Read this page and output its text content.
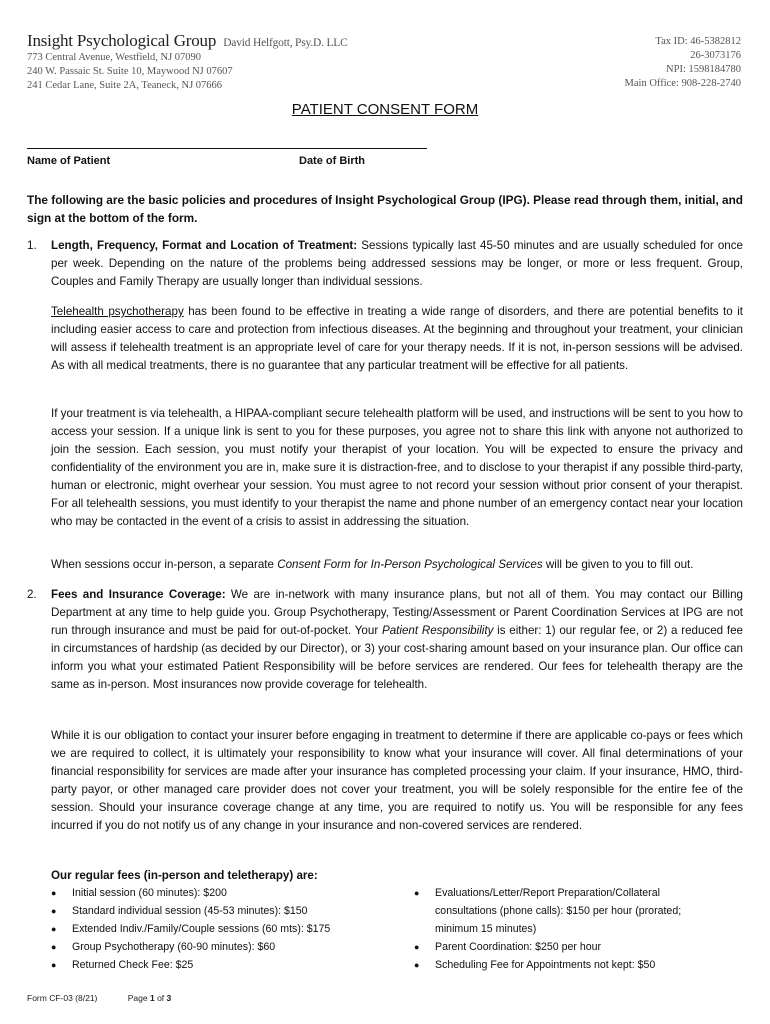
Insight Psychological Group David Helfgott, Psy.D. LLC
773 Central Avenue, Westfield, NJ 07090
240 W. Passaic St. Suite 10, Maywood NJ 07607
241 Cedar Lane, Suite 2A, Teaneck, NJ 07666
Tax ID: 46-5382812
26-3073176
NPI: 1598184780
Main Office: 908-228-2740
PATIENT CONSENT FORM
Name of Patient	Date of Birth

The following are the basic policies and procedures of Insight Psychological Group (IPG). Please read through them, initial, and sign at the bottom of the form.

1.	Length, Frequency, Format and Location of Treatment: Sessions typically last 45-50 minutes and are usually scheduled for once per week. Depending on the nature of the problems being addressed sessions may be longer, or more or less frequent. Group, Couples and Family Therapy are usually longer than individual sessions.

Telehealth psychotherapy has been found to be effective in treating a wide range of disorders, and there are potential benefits to it including easier access to care and protection from infectious diseases. At the beginning and throughout your treatment, your clinician will assess if telehealth treatment is an appropriate level of care for your therapy needs. If it is not, in-person sessions will be advised. As with all medical treatments, there is no guarantee that any particular treatment will be effective for all patients.

If your treatment is via telehealth, a HIPAA-compliant secure telehealth platform will be used, and instructions will be sent to you how to access your session. If a unique link is sent to you for these purposes, you agree not to share this link with anyone not authorized to join the session. Each session, you must notify your therapist of your location. You will be expected to ensure the privacy and confidentiality of the environment you are in, make sure it is distraction-free, and to disclose to your therapist if any possible third-party, human or electronic, might overhear your session. You must agree to not record your session without prior consent of your therapist. For all telehealth sessions, you must identify to your therapist the name and phone number of an emergency contact near your location who may be contacted in the event of a crisis to assist in addressing the situation.

When sessions occur in-person, a separate Consent Form for In-Person Psychological Services will be given to you to fill out.

2.	Fees and Insurance Coverage: We are in-network with many insurance plans, but not all of them. You may contact our Billing Department at any time to help guide you. Group Psychotherapy, Testing/Assessment or Parent Coordination Services at IPG are not run through insurance and must be paid for out-of-pocket. Your Patient Responsibility is either: 1) our regular fee, or 2) a reduced fee in circumstances of hardship (as decided by our Director), or 3) your cost-sharing amount based on your insurance plan. Our office can inform you what your estimated Patient Responsibility will be before services are rendered. Our fees for telehealth therapy are the same as in-person. Most insurances now provide coverage for telehealth.

While it is our obligation to contact your insurer before engaging in treatment to determine if there are applicable co-pays or fees which we are required to collect, it is ultimately your responsibility to know what your insurance will cover. All final determinations of your financial responsibility for services are made after your insurance has completed processing your claim. If your insurance, HMO, third-party payor, or other managed care provider does not cover your treatment, you will be solely responsible for the entire fee of the session. Should your insurance coverage change at any time, you are required to notify us. You will be responsible for any fees incurred if you do not notify us of any change in your insurance and non-covered services are rendered.

Our regular fees (in-person and teletherapy) are:
● Initial session (60 minutes): $200
● Standard individual session (45-53 minutes): $150
● Extended Indiv./Family/Couple sessions (60 mts): $175
● Group Psychotherapy (60-90 minutes): $60
● Returned Check Fee: $25
● Evaluations/Letter/Report Preparation/Collateral consultations (phone calls): $150 per hour (prorated; minimum 15 minutes)
● Parent Coordination: $250 per hour
● Scheduling Fee for Appointments not kept: $50
Form CF-03 (8/21)	Page 1 of 3
